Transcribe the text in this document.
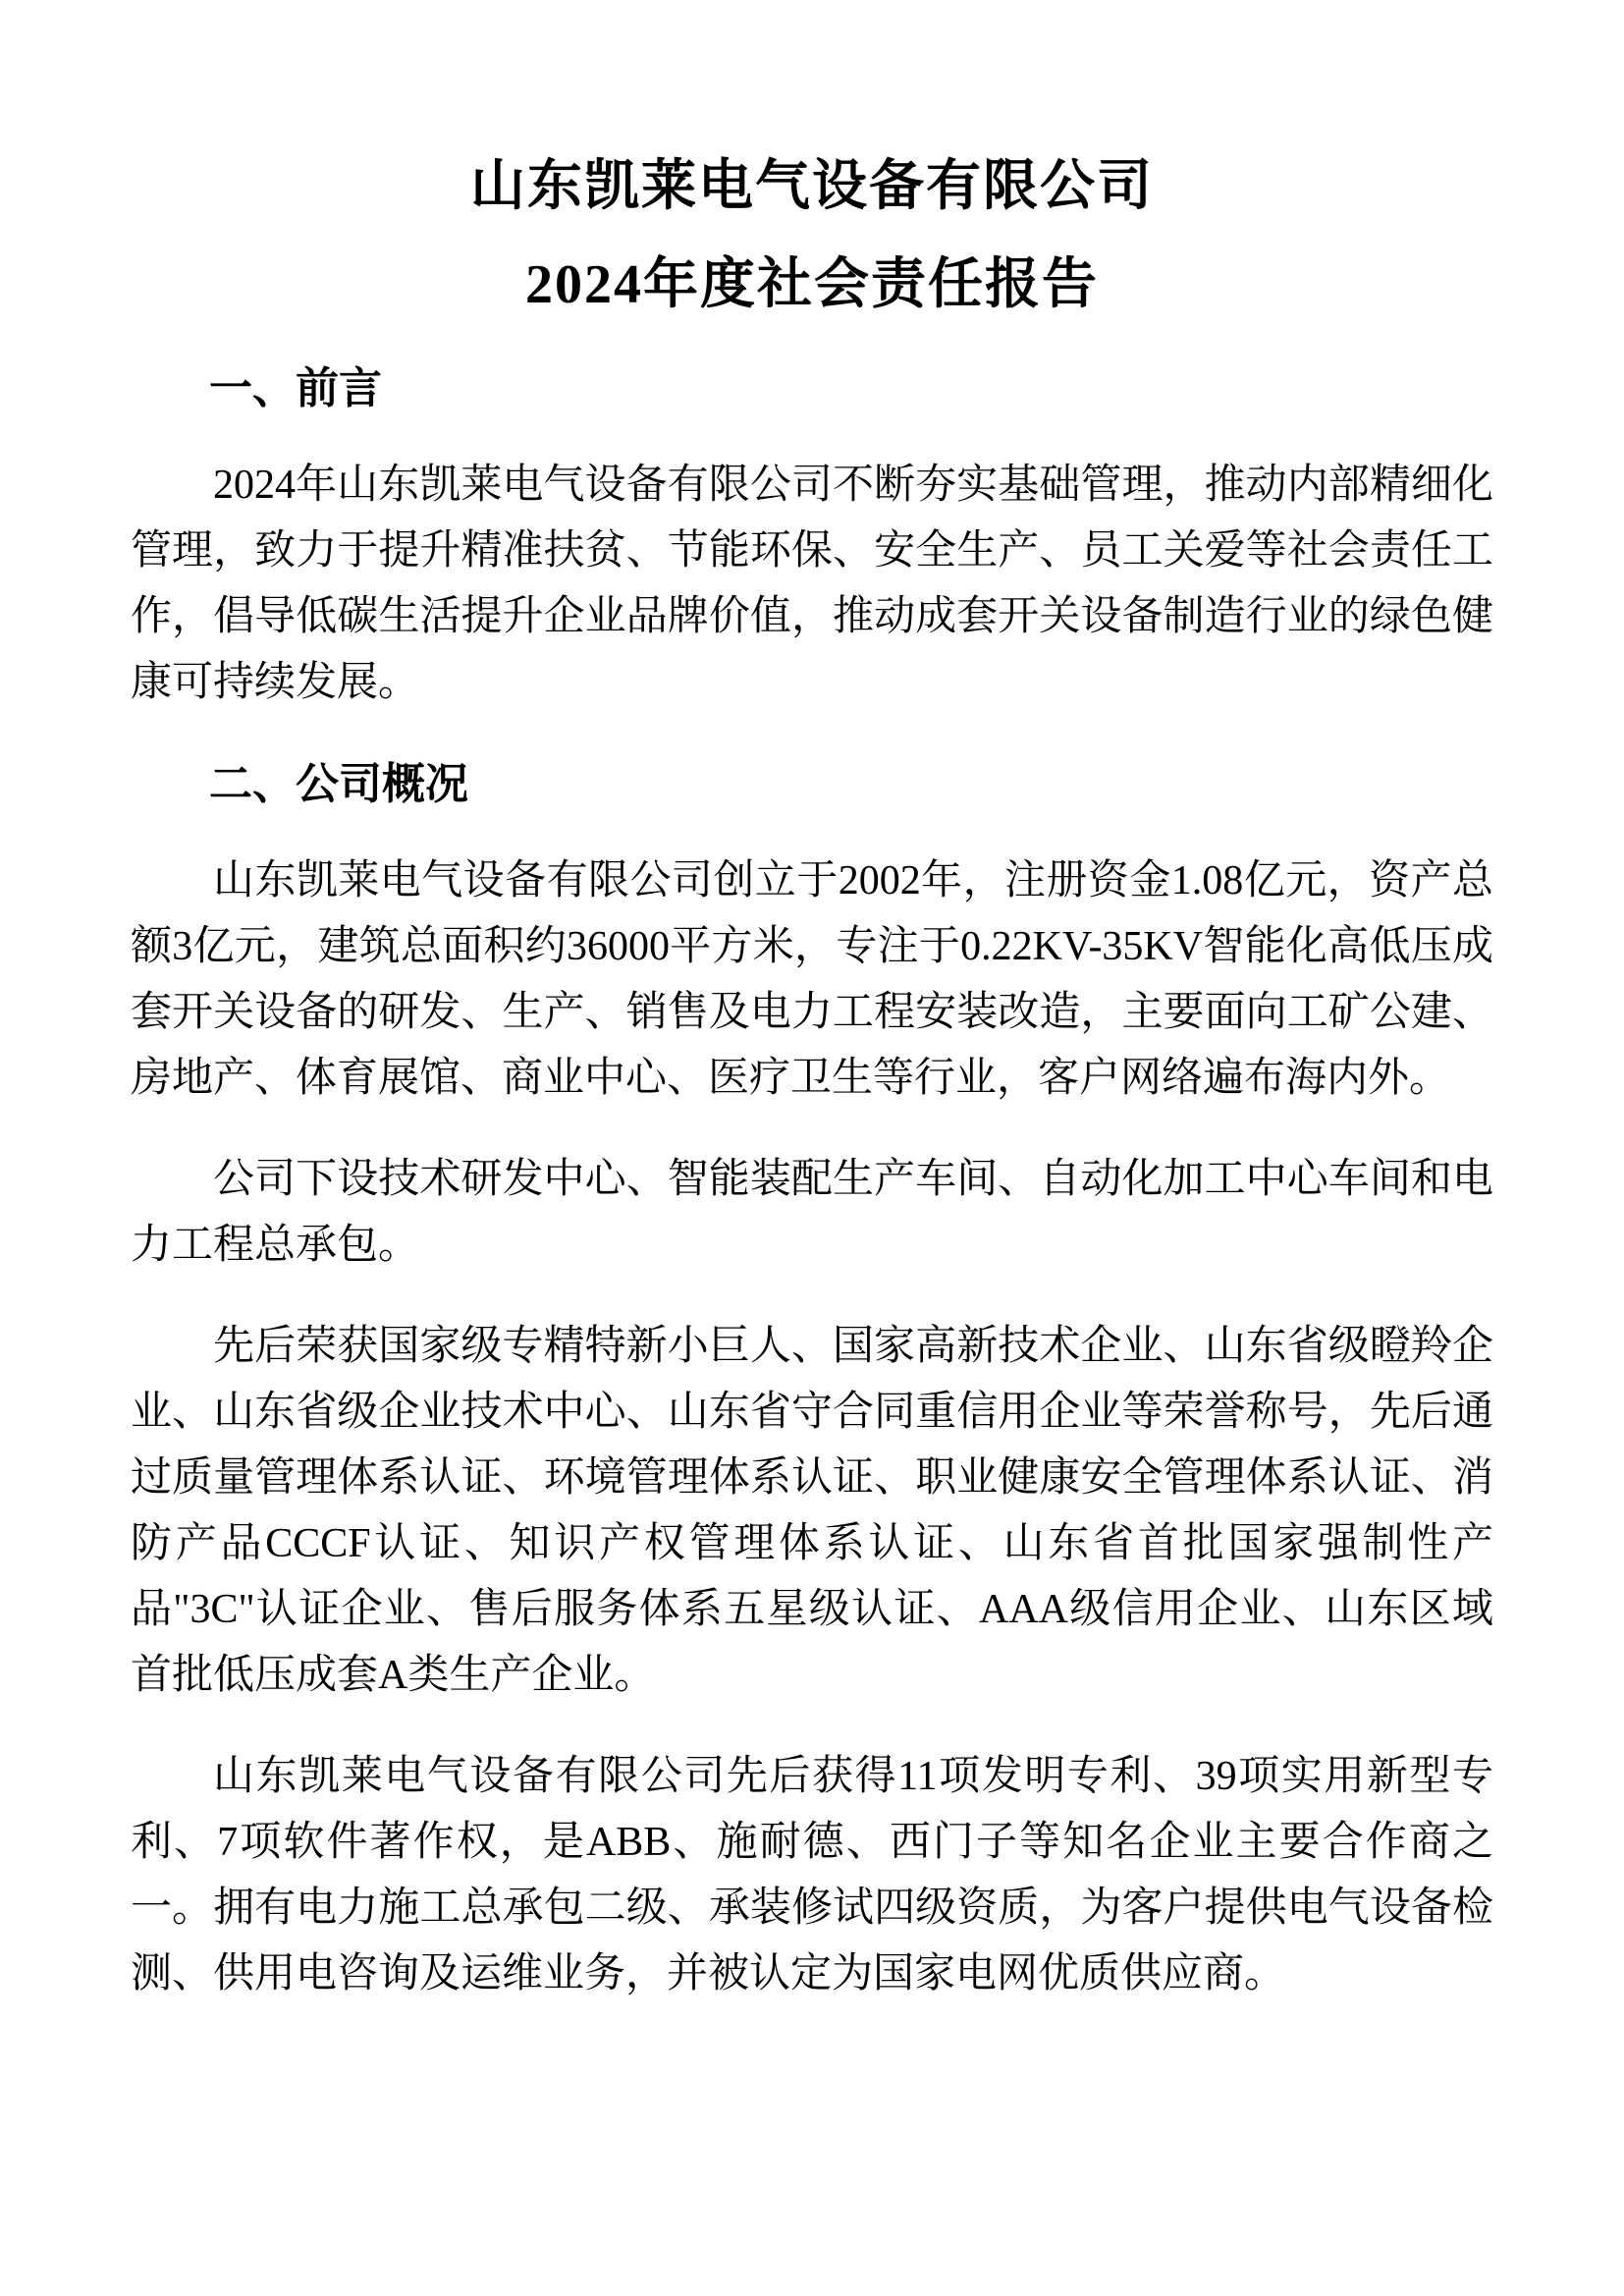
山东凯莱电气设备有限公司
2024年度社会责任报告
一、前言

2024年山东凯莱电气设备有限公司不断夯实基础管理，推动内部精细化管理，致力于提升精准扶贫、节能环保、安全生产、员工关爱等社会责任工作，倡导低碳生活提升企业品牌价值，推动成套开关设备制造行业的绿色健康可持续发展。

二、公司概况

山东凯莱电气设备有限公司创立于2002年，注册资金1.08亿元，资产总额3亿元，建筑总面积约36000平方米，专注于0.22KV-35KV智能化高低压成套开关设备的研发、生产、销售及电力工程安装改造，主要面向工矿公建、房地产、体育展馆、商业中心、医疗卫生等行业，客户网络遍布海内外。

公司下设技术研发中心、智能装配生产车间、自动化加工中心车间和电力工程总承包。

先后荣获国家级专精特新小巨人、国家高新技术企业、山东省级瞪羚企业、山东省级企业技术中心、山东省守合同重信用企业等荣誉称号，先后通过质量管理体系认证、环境管理体系认证、职业健康安全管理体系认证、消防产品CCCF认证、知识产权管理体系认证、山东省首批国家强制性产品"3C"认证企业、售后服务体系五星级认证、AAA级信用企业、山东区域首批低压成套A类生产企业。

山东凯莱电气设备有限公司先后获得11项发明专利、39项实用新型专利、7项软件著作权，是ABB、施耐德、西门子等知名企业主要合作商之一。拥有电力施工总承包二级、承装修试四级资质，为客户提供电气设备检测、供用电咨询及运维业务，并被认定为国家电网优质供应商。
